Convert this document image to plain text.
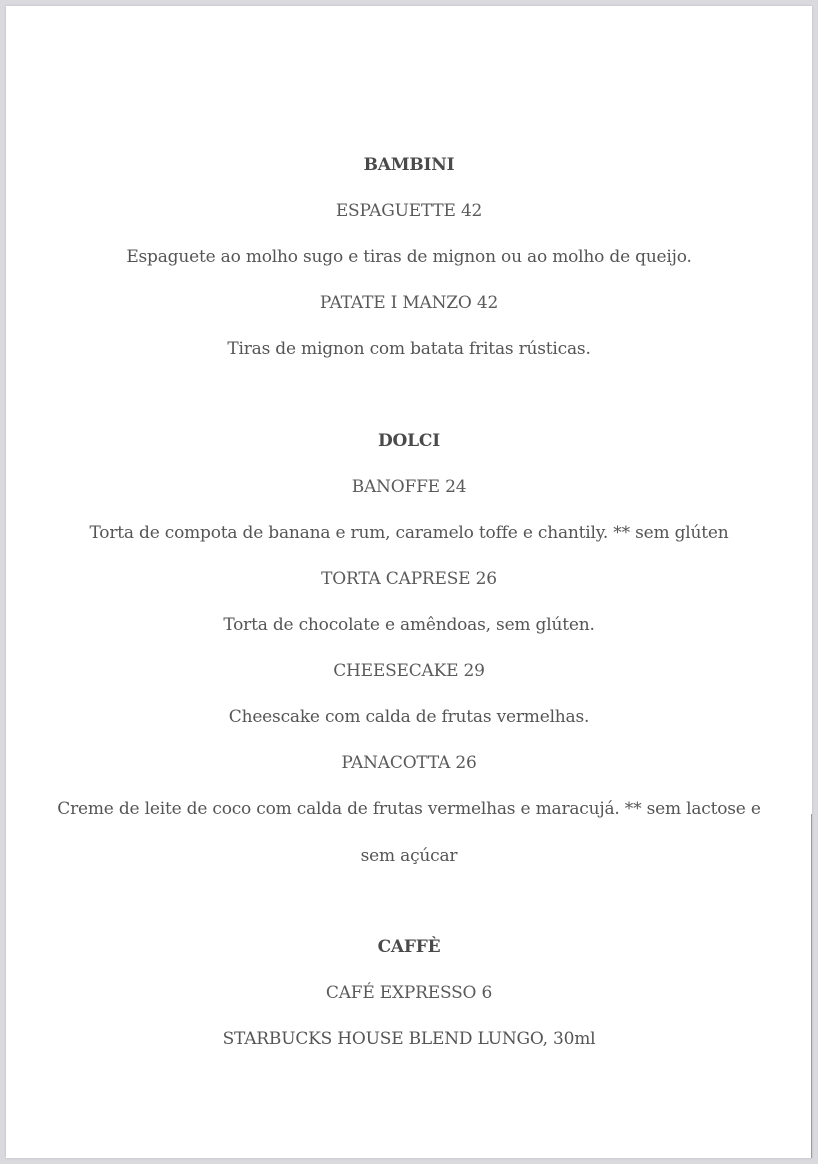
BAMBINI
ESPAGUETTE 42
Espaguete ao molho sugo e tiras de mignon ou ao molho de queijo.
PATATE I MANZO 42
Tiras de mignon com batata fritas rústicas.
DOLCI
BANOFFE 24
Torta de compota de banana e rum, caramelo toffe e chantily. ** sem glúten
TORTA CAPRESE 26
Torta de chocolate e amêndoas, sem glúten.
CHEESECAKE 29
Cheescake com calda de frutas vermelhas.
PANACOTTA 26
Creme de leite de coco com calda de frutas vermelhas e maracujá. ** sem lactose e
sem açúcar
CAFFÈ
CAFÉ EXPRESSO 6
STARBUCKS HOUSE BLEND LUNGO, 30ml
